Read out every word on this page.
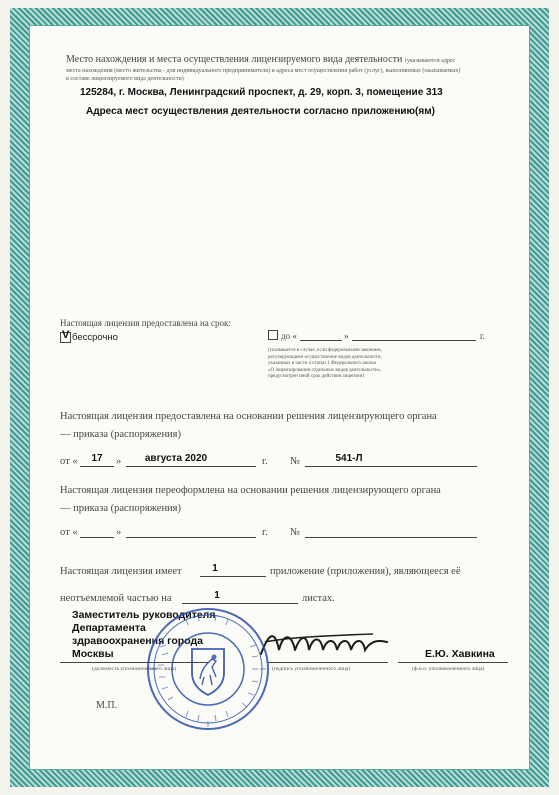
Место нахождения и места осуществления лицензируемого вида деятельности (указываются адрес
места нахождения (место жительства - для индивидуального предпринимателя) и адреса мест осуществления работ (услуг), выполняемых (оказываемых)
в составе лицензируемого вида деятельности)
125284, г. Москва, Ленинградский проспект, д. 29, корп. 3, помещение 313
Адреса мест осуществления деятельности согласно приложению(ям)
Настоящая лицензия предоставлена на срок:
V бессрочно	до «	»	г.
(указывается в случае, если федеральными законами,
регулирующими осуществление видов деятельности,
указанных в части 4 статьи 1 Федерального закона
«О лицензировании отдельных видов деятельности»,
предусмотрен иной срок действия лицензии)
Настоящая лицензия предоставлена на основании решения лицензирующего органа
— приказа (распоряжения)
от «	17	»	августа 2020	г. №	541-Л
Настоящая лицензия переоформлена на основании решения лицензирующего органа
— приказа (распоряжения)
от «	»	г. №
Настоящая лицензия имеет	1	приложение (приложения), являющееся её
неотъемлемой частью на	1	листах.
Заместитель руководителя
Департамента
здравоохранения города
Москвы	Е.Ю. Хавкина
(должность уполномоченного лица)	(подпись уполномоченного лица)	(ф.и.о. уполномоченного лица)
М.П.
